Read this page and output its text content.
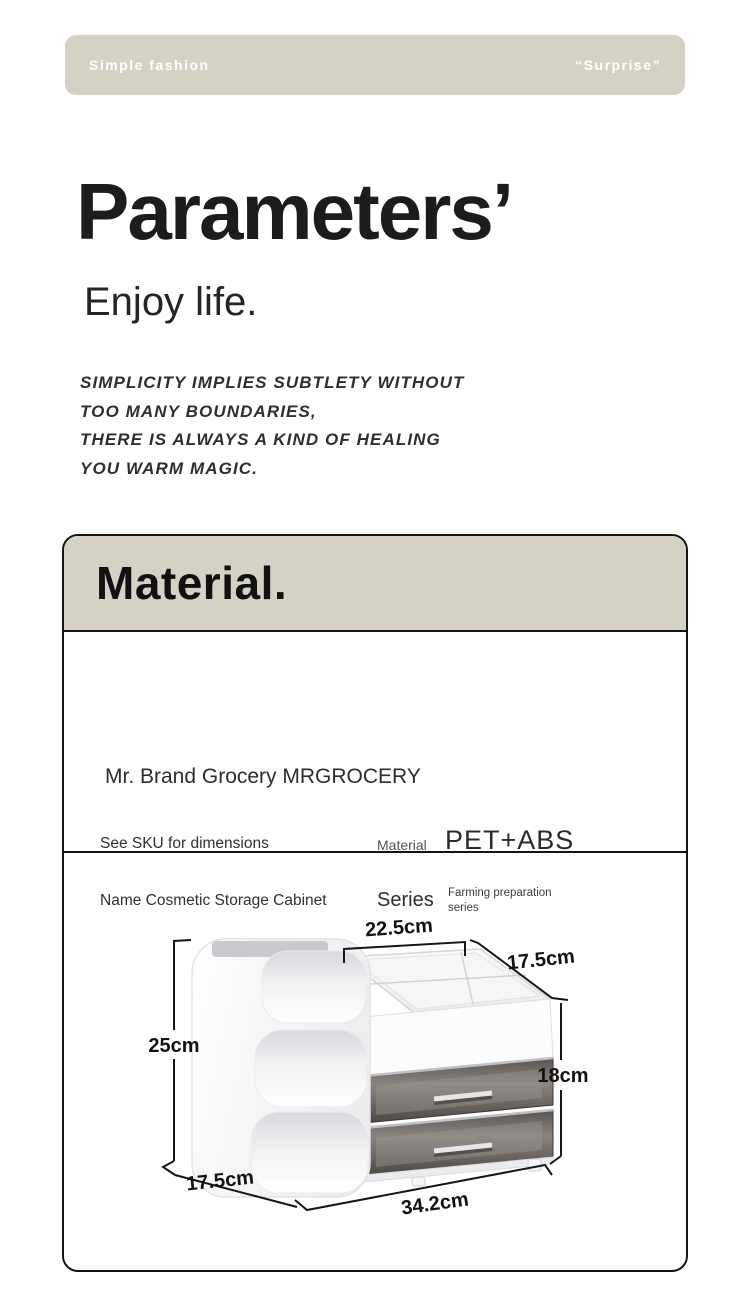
Simple fashion	“Surprise”
Parameters’
Enjoy life.
SIMPLICITY IMPLIES SUBTLETY WITHOUT
TOO MANY BOUNDARIES,
THERE IS ALWAYS A KIND OF HEALING
YOU WARM MAGIC.
Material.
Mr. Brand Grocery MRGROCERY
See SKU for dimensions	Material PET+ABS
Name Cosmetic Storage Cabinet	Series Farming preparation series
22.5cm
17.5cm
25cm
18cm
17.5cm
34.2cm
